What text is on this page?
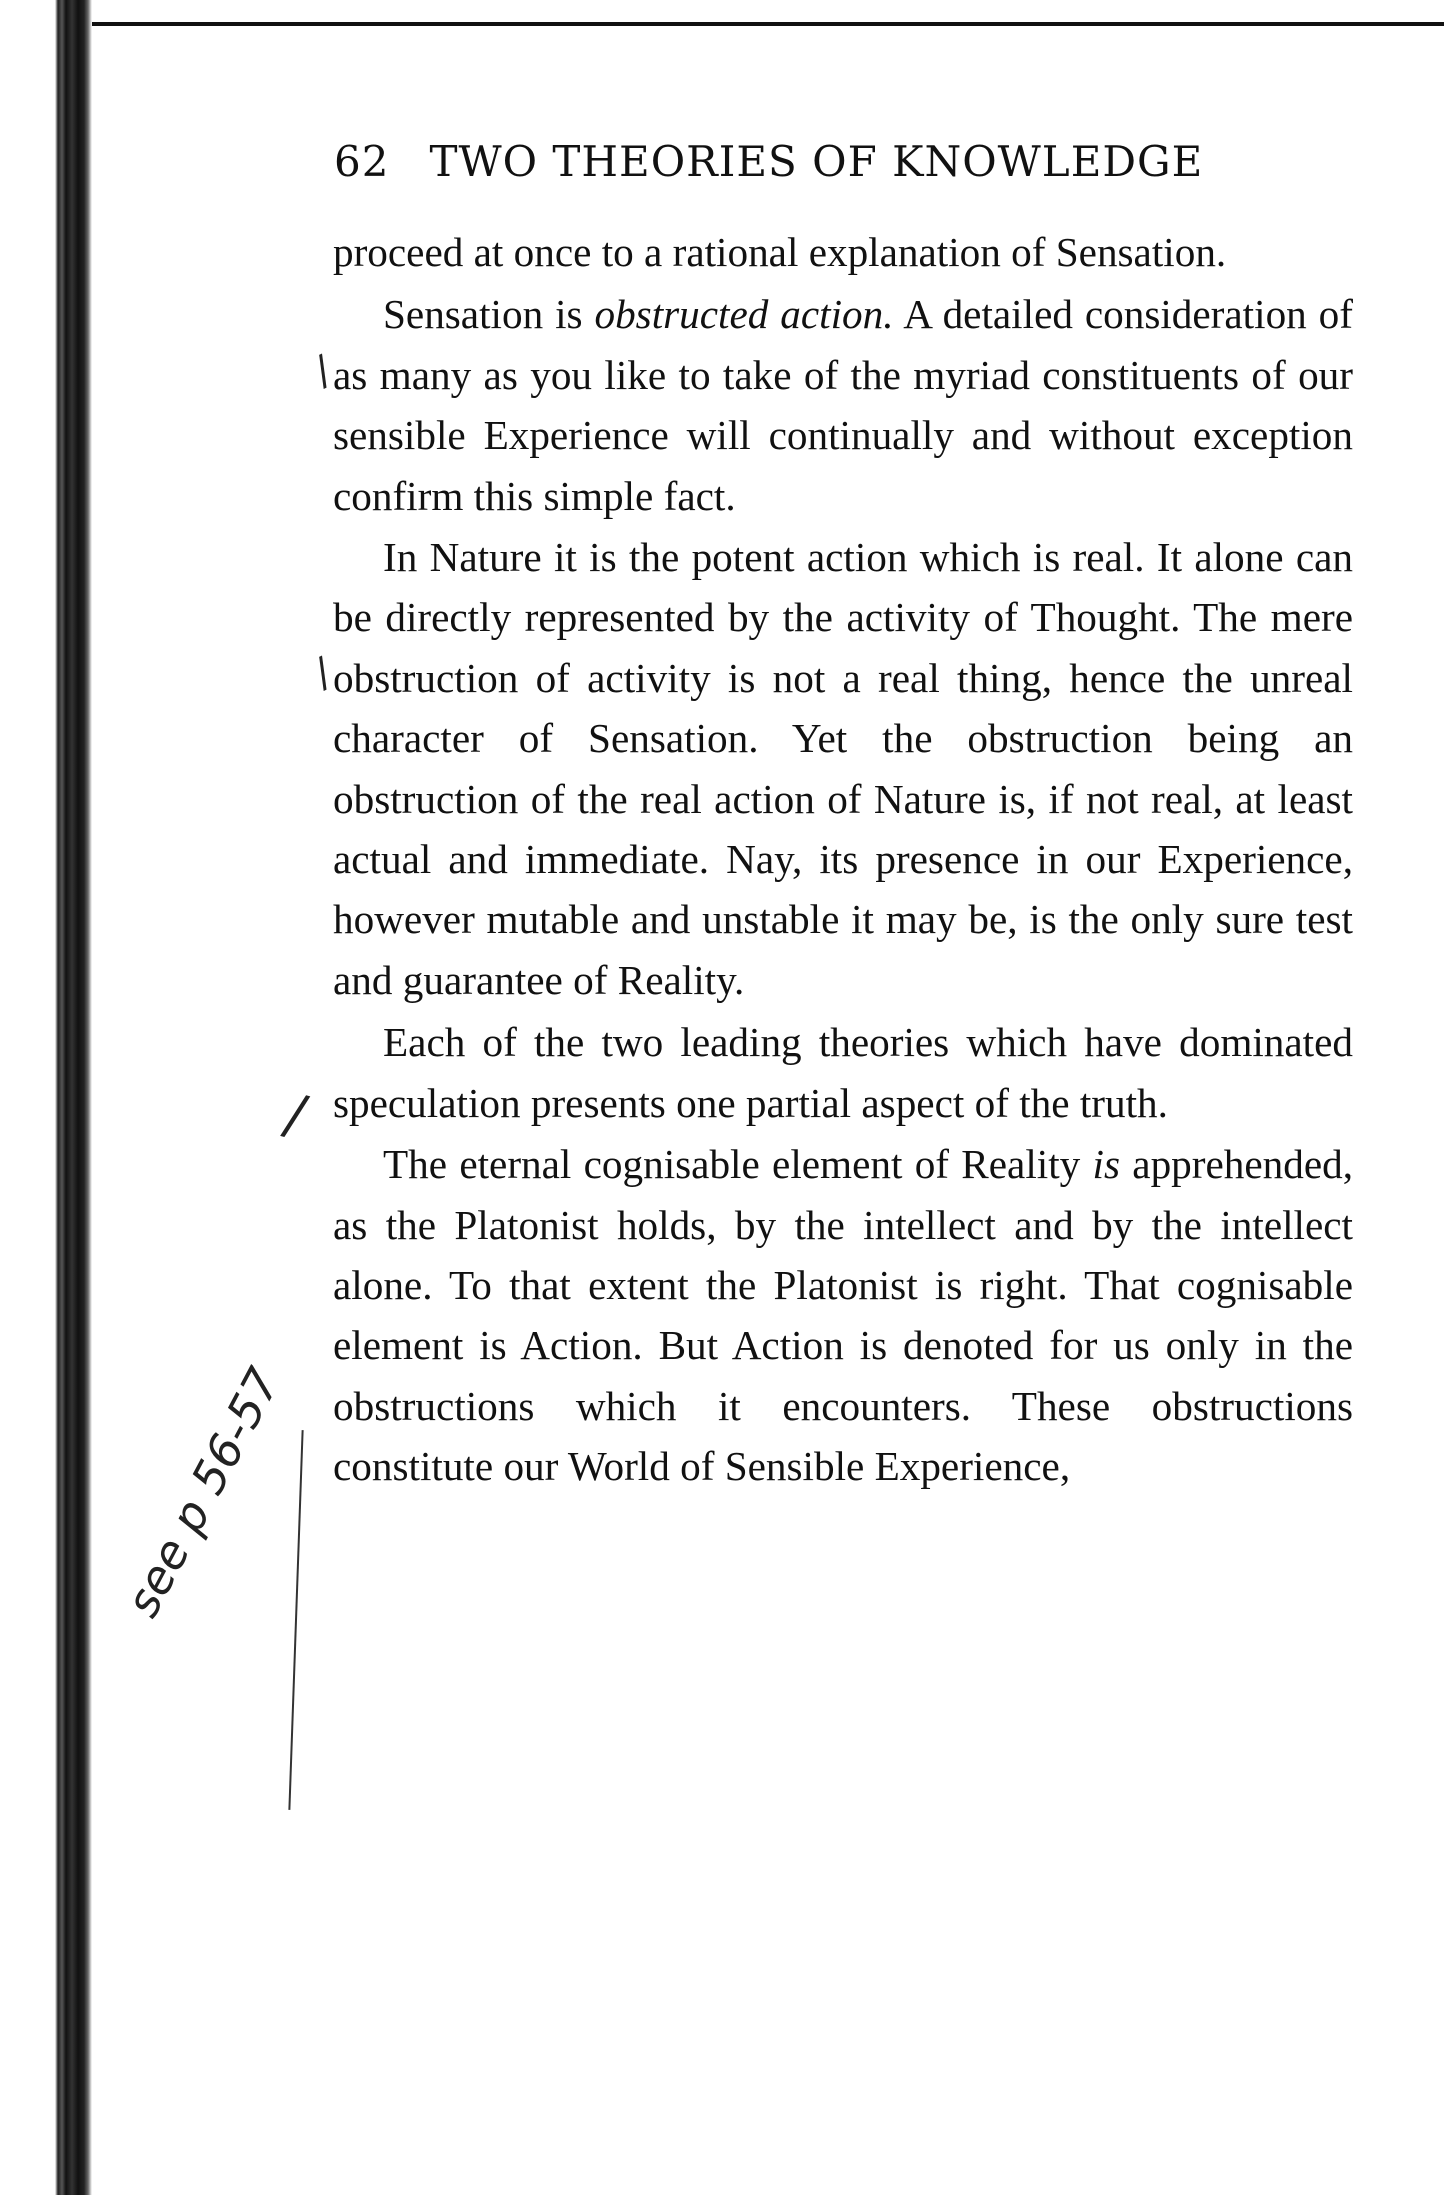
62 TWO THEORIES OF KNOWLEDGE

proceed at once to a rational explanation of Sensation.

Sensation is obstructed action. A detailed consideration of as many as you like to take of the myriad constituents of our sensible Experience will continually and without exception confirm this simple fact.

In Nature it is the potent action which is real. It alone can be directly represented by the activity of Thought. The mere obstruction of activity is not a real thing, hence the unreal character of Sensation. Yet the obstruction being an obstruction of the real action of Nature is, if not real, at least actual and immediate. Nay, its presence in our Experience, however mutable and unstable it may be, is the only sure test and guarantee of Reality.

Each of the two leading theories which have dominated speculation presents one partial aspect of the truth.

The eternal cognisable element of Reality is apprehended, as the Platonist holds, by the intellect and by the intellect alone. To that extent the Platonist is right. That cognisable element is Action. But Action is denoted for us only in the obstructions which it encounters. These obstructions constitute our World of Sensible Experience,

/
/
/
see p 56-57
